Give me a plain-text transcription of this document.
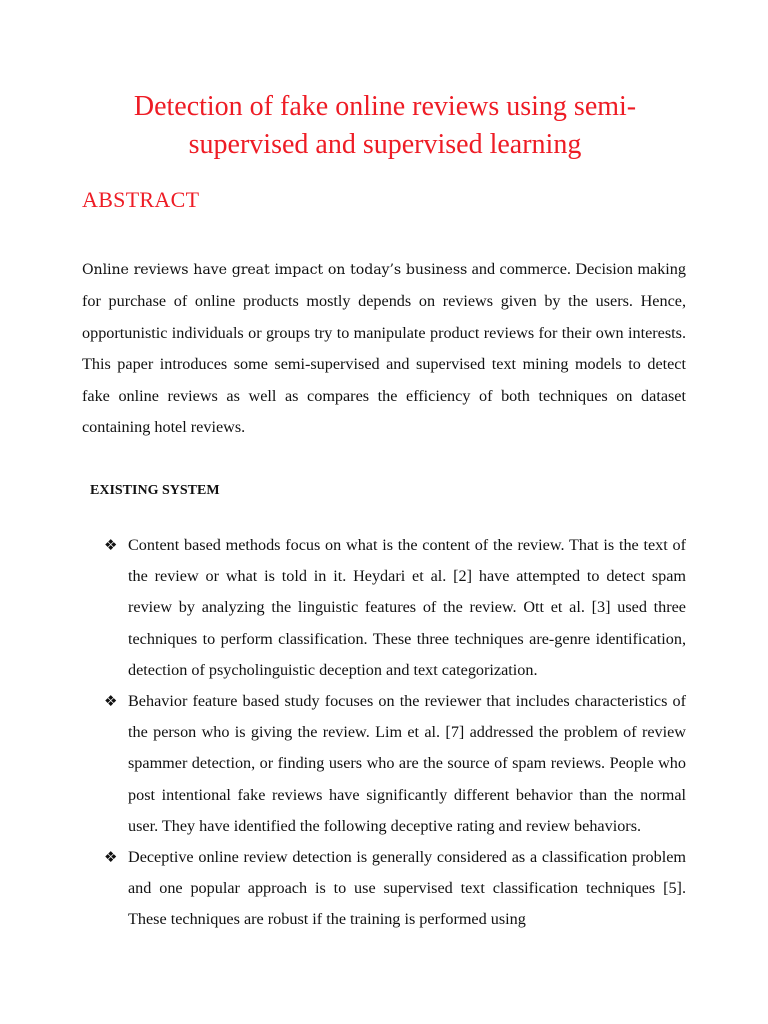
Detection of fake online reviews using semi-supervised and supervised learning
ABSTRACT

Online reviews have great impact on today’s business and commerce. Decision making for purchase of online products mostly depends on reviews given by the users. Hence, opportunistic individuals or groups try to manipulate product reviews for their own interests. This paper introduces some semi-supervised and supervised text mining models to detect fake online reviews as well as compares the efficiency of both techniques on dataset containing hotel reviews.

EXISTING SYSTEM
❖ Content based methods focus on what is the content of the review. That is the text of the review or what is told in it. Heydari et al. [2] have attempted to detect spam review by analyzing the linguistic features of the review. Ott et al. [3] used three techniques to perform classification. These three techniques are-genre identification, detection of psycholinguistic deception and text categorization.
❖ Behavior feature based study focuses on the reviewer that includes characteristics of the person who is giving the review. Lim et al. [7] addressed the problem of review spammer detection, or finding users who are the source of spam reviews. People who post intentional fake reviews have significantly different behavior than the normal user. They have identified the following deceptive rating and review behaviors.
❖ Deceptive online review detection is generally considered as a classification problem and one popular approach is to use supervised text classification techniques [5]. These techniques are robust if the training is performed using
